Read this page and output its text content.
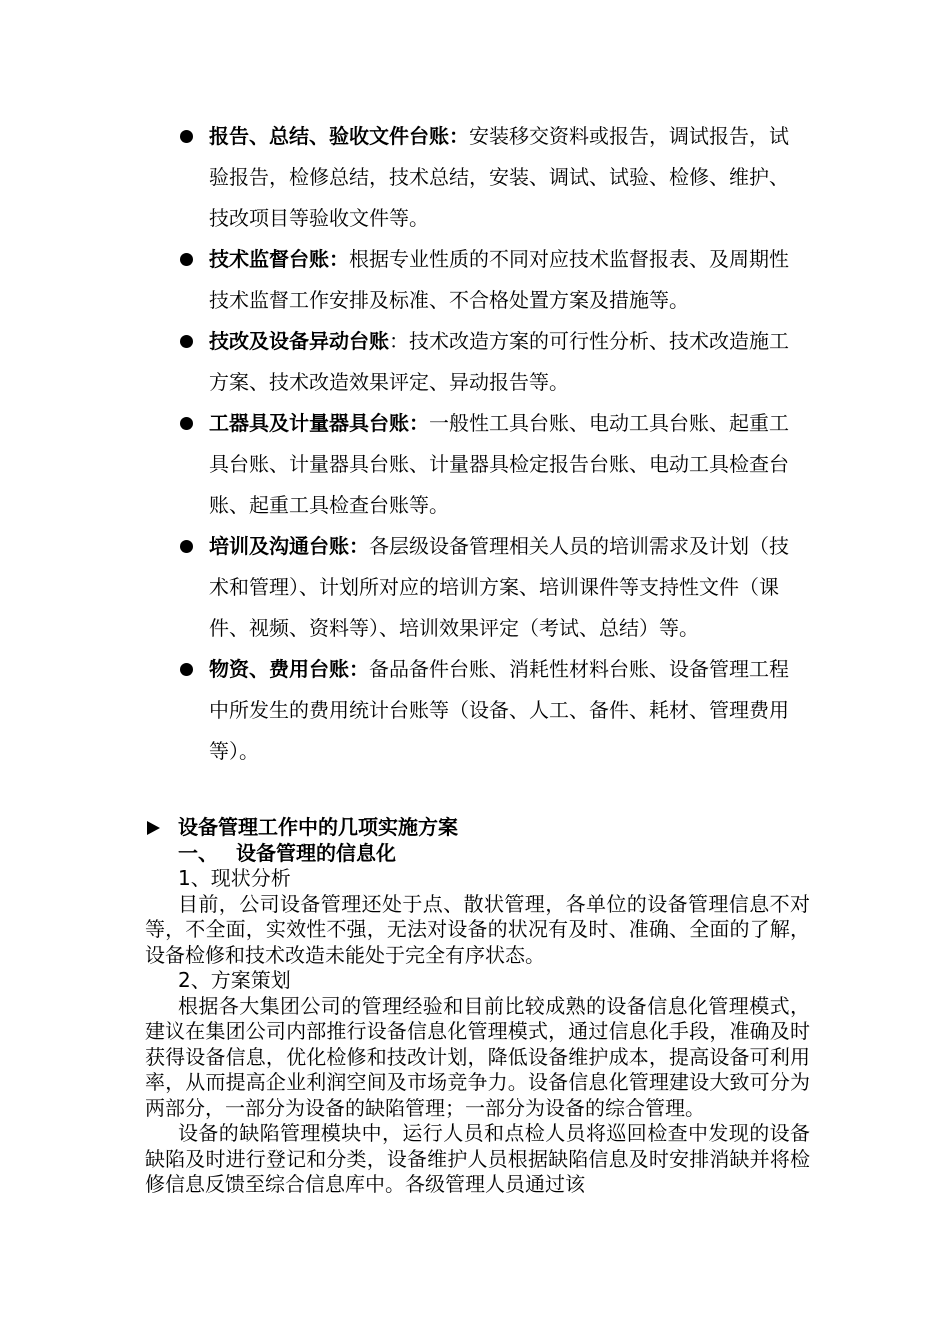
报告、总结、验收文件台账：安装移交资料或报告，调试报告，试验报告，检修总结，技术总结，安装、调试、试验、检修、维护、技改项目等验收文件等。
技术监督台账：根据专业性质的不同对应技术监督报表、及周期性技术监督工作安排及标准、不合格处置方案及措施等。
技改及设备异动台账：技术改造方案的可行性分析、技术改造施工方案、技术改造效果评定、异动报告等。
工器具及计量器具台账：一般性工具台账、电动工具台账、起重工具台账、计量器具台账、计量器具检定报告台账、电动工具检查台账、起重工具检查台账等。
培训及沟通台账：各层级设备管理相关人员的培训需求及计划（技术和管理）、计划所对应的培训方案、培训课件等支持性文件（课件、视频、资料等）、培训效果评定（考试、总结）等。
物资、费用台账：备品备件台账、消耗性材料台账、设备管理工程中所发生的费用统计台账等（设备、人工、备件、耗材、管理费用等）。
设备管理工作中的几项实施方案
一、 设备管理的信息化
1、现状分析
目前，公司设备管理还处于点、散状管理，各单位的设备管理信息不对等，不全面，实效性不强，无法对设备的状况有及时、准确、全面的了解，设备检修和技术改造未能处于完全有序状态。
2、方案策划
根据各大集团公司的管理经验和目前比较成熟的设备信息化管理模式，建议在集团公司内部推行设备信息化管理模式，通过信息化手段，准确及时获得设备信息，优化检修和技改计划，降低设备维护成本，提高设备可利用率，从而提高企业利润空间及市场竞争力。设备信息化管理建设大致可分为两部分，一部分为设备的缺陷管理；一部分为设备的综合管理。
设备的缺陷管理模块中，运行人员和点检人员将巡回检查中发现的设备缺陷及时进行登记和分类，设备维护人员根据缺陷信息及时安排消缺并将检修信息反馈至综合信息库中。各级管理人员通过该
